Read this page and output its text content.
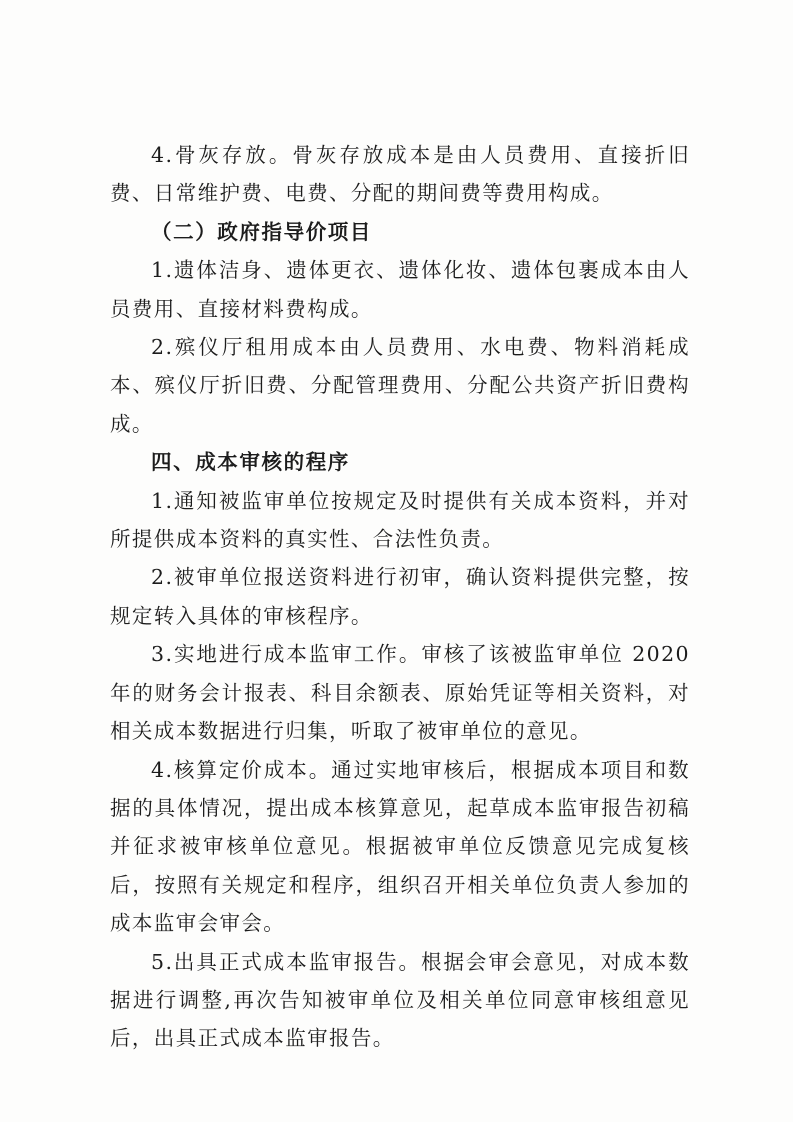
4.骨灰存放。骨灰存放成本是由人员费用、直接折旧费、日常维护费、电费、分配的期间费等费用构成。

（二）政府指导价项目

1.遗体洁身、遗体更衣、遗体化妆、遗体包裹成本由人员费用、直接材料费构成。

2.殡仪厅租用成本由人员费用、水电费、物料消耗成本、殡仪厅折旧费、分配管理费用、分配公共资产折旧费构成。

四、成本审核的程序

1.通知被监审单位按规定及时提供有关成本资料，并对所提供成本资料的真实性、合法性负责。

2.被审单位报送资料进行初审，确认资料提供完整，按规定转入具体的审核程序。

3.实地进行成本监审工作。审核了该被监审单位 2020 年的财务会计报表、科目余额表、原始凭证等相关资料，对相关成本数据进行归集，听取了被审单位的意见。

4.核算定价成本。通过实地审核后，根据成本项目和数据的具体情况，提出成本核算意见，起草成本监审报告初稿并征求被审核单位意见。根据被审单位反馈意见完成复核后，按照有关规定和程序，组织召开相关单位负责人参加的成本监审会审会。

5.出具正式成本监审报告。根据会审会意见，对成本数据进行调整,再次告知被审单位及相关单位同意审核组意见后，出具正式成本监审报告。
